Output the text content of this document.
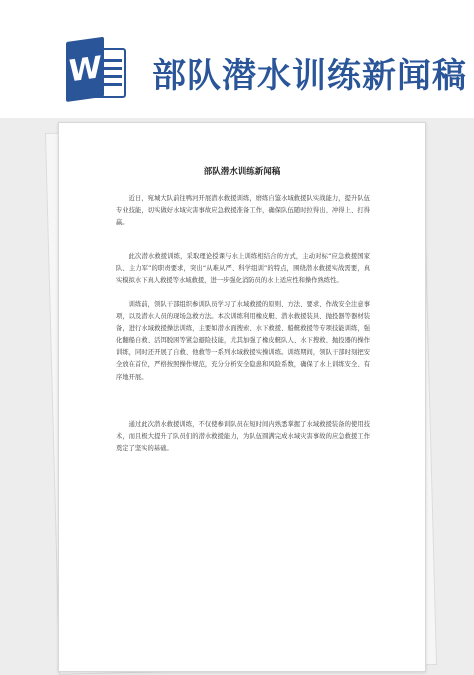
W 部队潜水训练新闻稿
部队潜水训练新闻稿

近日，宛城大队前往鸭河开展潜水救援训练，磨练自鉴水域救援队实战能力，提升队伍专业技能，切实做好水域灾害事故应急救援准备工作，确保队伍随时拉得出、冲得上、打得赢。

此次潜水救援训练，采取理论授课与水上训练相结合的方式，主动对标“应急救援国家队、主力军”的职责要求，突出“从难从严、科学组训”的特点，围绕潜水救援实战需要，真实模拟水下真人救援等水域救援，进一步强化消防员的水上适应性和操作熟练性。

训练前，领队干部组织参训队员学习了水域救援的原则、方法、要求、作战安全注意事项，以及潜水人员的现场急救方法。本次训练利用橡皮艇、潜水救援装具、抛投器等器材装备，进行水域救援操法训练，主要如潜水面搜索、水下救援、船艇救援等专项技能训练，强化翻船自救、活饵脱困等紧急避险技能，尤其加强了橡皮艇队人、水下搜救、抛投器的操作训练，同时还开展了自救、他救等一系列水域救援实操训练。训练期间，领队干部时刻把安全放在首位，严格按照操作规范，充分分析安全隐患和风险系数，确保了水上训练安全、有序地开展。

通过此次潜水救援训练，不仅使参训队员在短时间内熟悉掌握了水域救援装备的使用技术，而且极大提升了队员们的潜水救援能力，为队伍圆满完成水域灾害事故的应急救援工作奠定了坚实的基础。
